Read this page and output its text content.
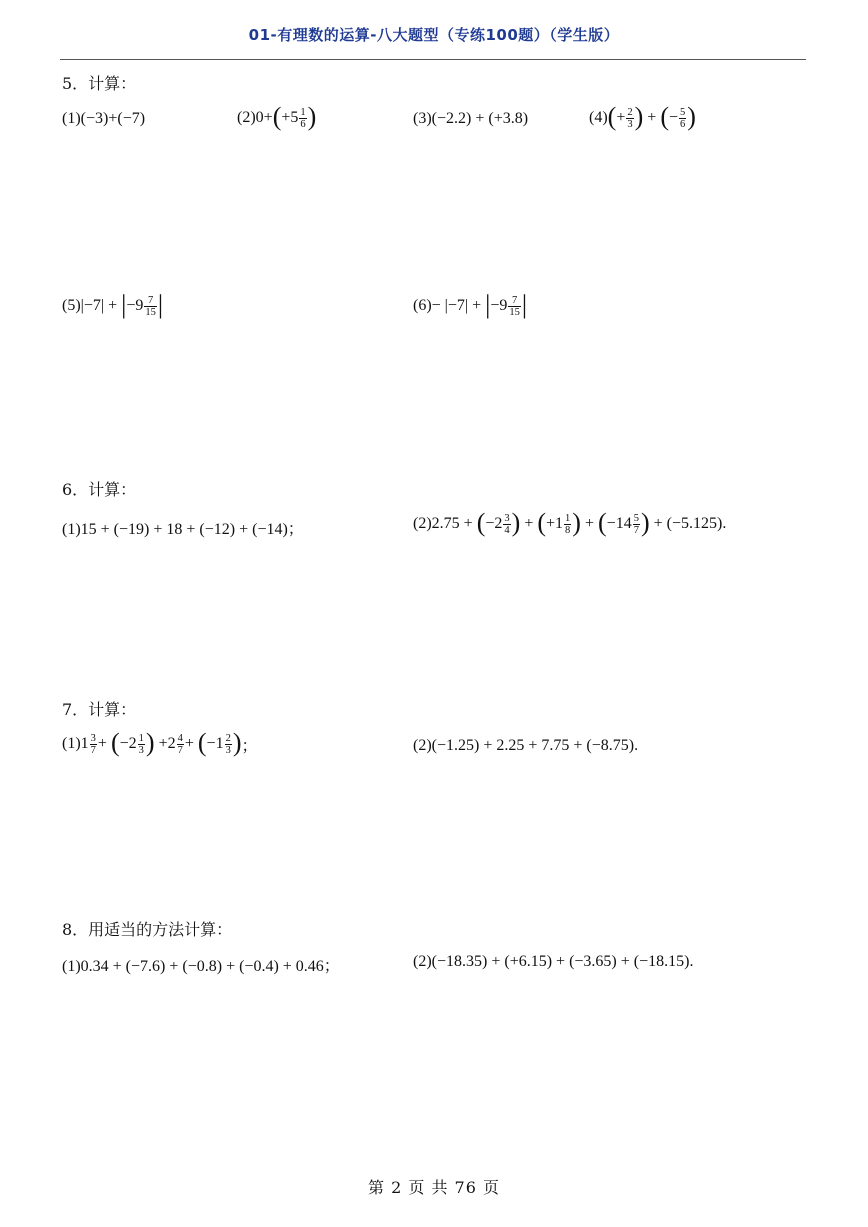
01-有理数的运算-八大题型（专练100题）（学生版）
5．计算：
(1)(−3)+(−7)	(2)0+ ( $+5 \frac{1}{6}$ )	(3)(−2.2) + (+3.8)	(4) ( + $\frac{2}{3}$ ) + ( − $\frac{5}{6}$ )
(5)|−7| + | $-9 \frac{7}{15}$ |	(6)− |−7| + | $-9 \frac{7}{15}$ |
6．计算：
(1)15 + (−19) + 18 + (−12) + (−14)；	(2)2.75 + ( $-2 \frac{3}{4}$ ) + ( $+1 \frac{1}{8}$ ) + ( $-14 \frac{5}{7}$ ) + (−5.125).
7．计算：
$(1)1 \frac{3}{7}$ + ( $-2 \frac{1}{3}$ ) $+2 \frac{4}{7}$ + ( $-1 \frac{2}{3}$ ) ；	(2)(−1.25) + 2.25 + 7.75 + (−8.75).
8．用适当的方法计算：
(1)0.34 + (−7.6) + (−0.8) + (−0.4) + 0.46；	(2)(−18.35) + (+6.15) + (−3.65) + (−18.15).
第 2 页 共 76 页
